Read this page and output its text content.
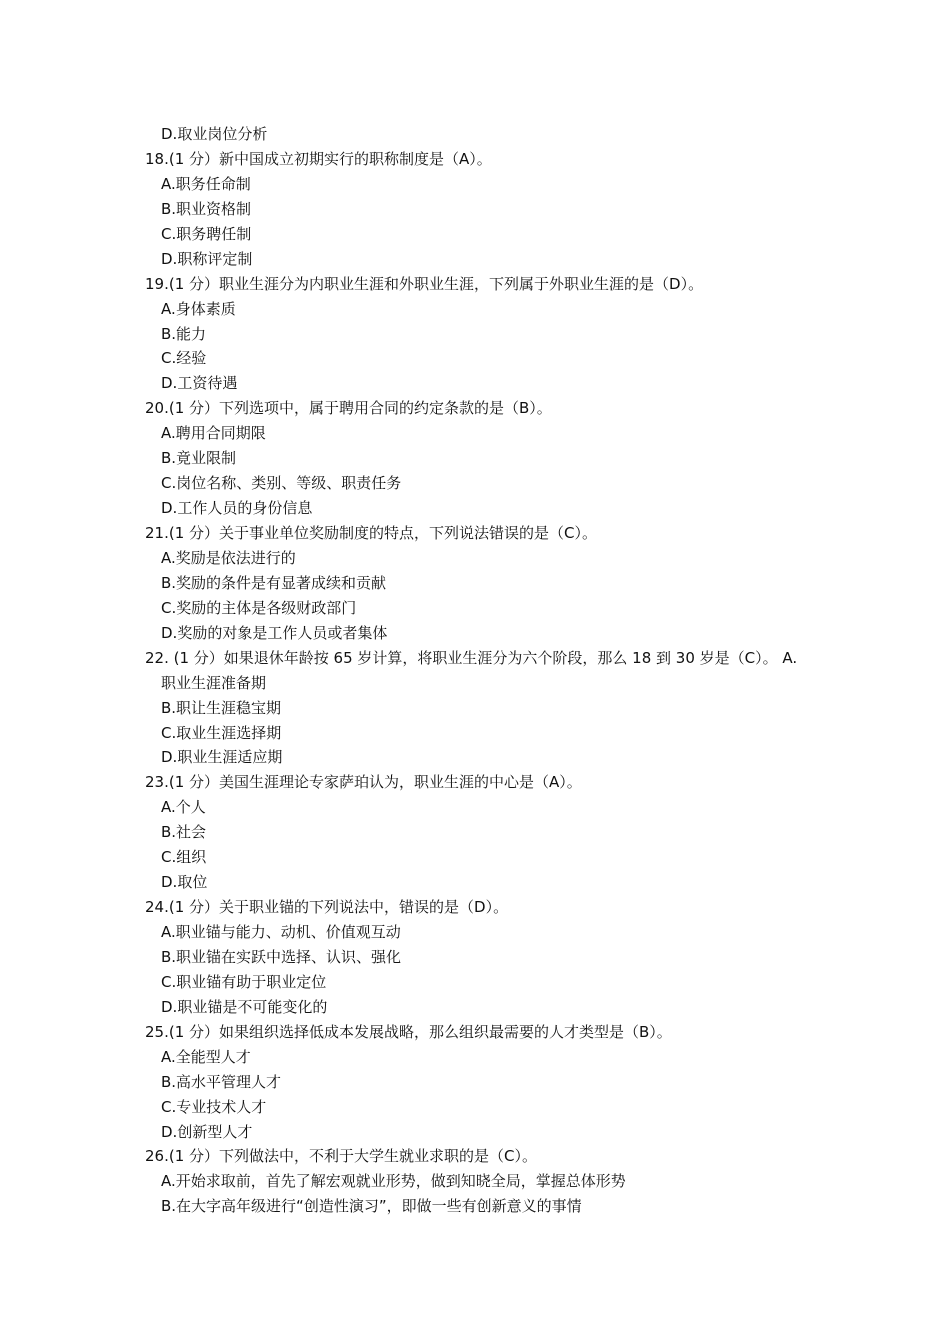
D.取业岗位分析
18.(1 分）新中国成立初期实行的职称制度是（A）。
A.职务任命制
B.职业资格制
C.职务聘任制
D.职称评定制
19.(1 分）职业生涯分为内职业生涯和外职业生涯，下列属于外职业生涯的是（D）。
A.身体素质
B.能力
C.经验
D.工资待遇
20.(1 分）下列选项中，属于聘用合同的约定条款的是（B）。
A.聘用合同期限
B.竟业限制
C.岗位名称、类别、等级、职责任务
D.工作人员的身份信息
21.(1 分）关于事业单位奖励制度的特点，下列说法错误的是（C）。
A.奖励是依法进行的
B.奖励的条件是有显著成续和贡献
C.奖励的主体是各级财政部门
D.奖励的对象是工作人员或者集体
22. (1 分）如果退休年龄按 65 岁计算，将职业生涯分为六个阶段，那么 18 到 30 岁是（C）。 A.
职业生涯准备期
B.职让生涯稳宝期
C.取业生涯选择期
D.职业生涯适应期
23.(1 分）美国生涯理论专家萨珀认为，职业生涯的中心是（A）。
A.个人
B.社会
C.组织
D.取位
24.(1 分）关于职业锚的下列说法中，错误的是（D）。
A.职业锚与能力、动机、价值观互动
B.职业锚在实跃中选择、认识、强化
C.职业锚有助于职业定位
D.职业锚是不可能变化的
25.(1 分）如果组织选择低成本发展战略，那么组织最需要的人才类型是（B）。
A.全能型人才
B.高水平管理人才
C.专业技术人才
D.创新型人才
26.(1 分）下列做法中，不利于大学生就业求职的是（C）。
A.开始求取前，首先了解宏观就业形势，做到知晓全局，掌握总体形势
B.在大字高年级进行“创造性演习”，即做一些有创新意义的事情
